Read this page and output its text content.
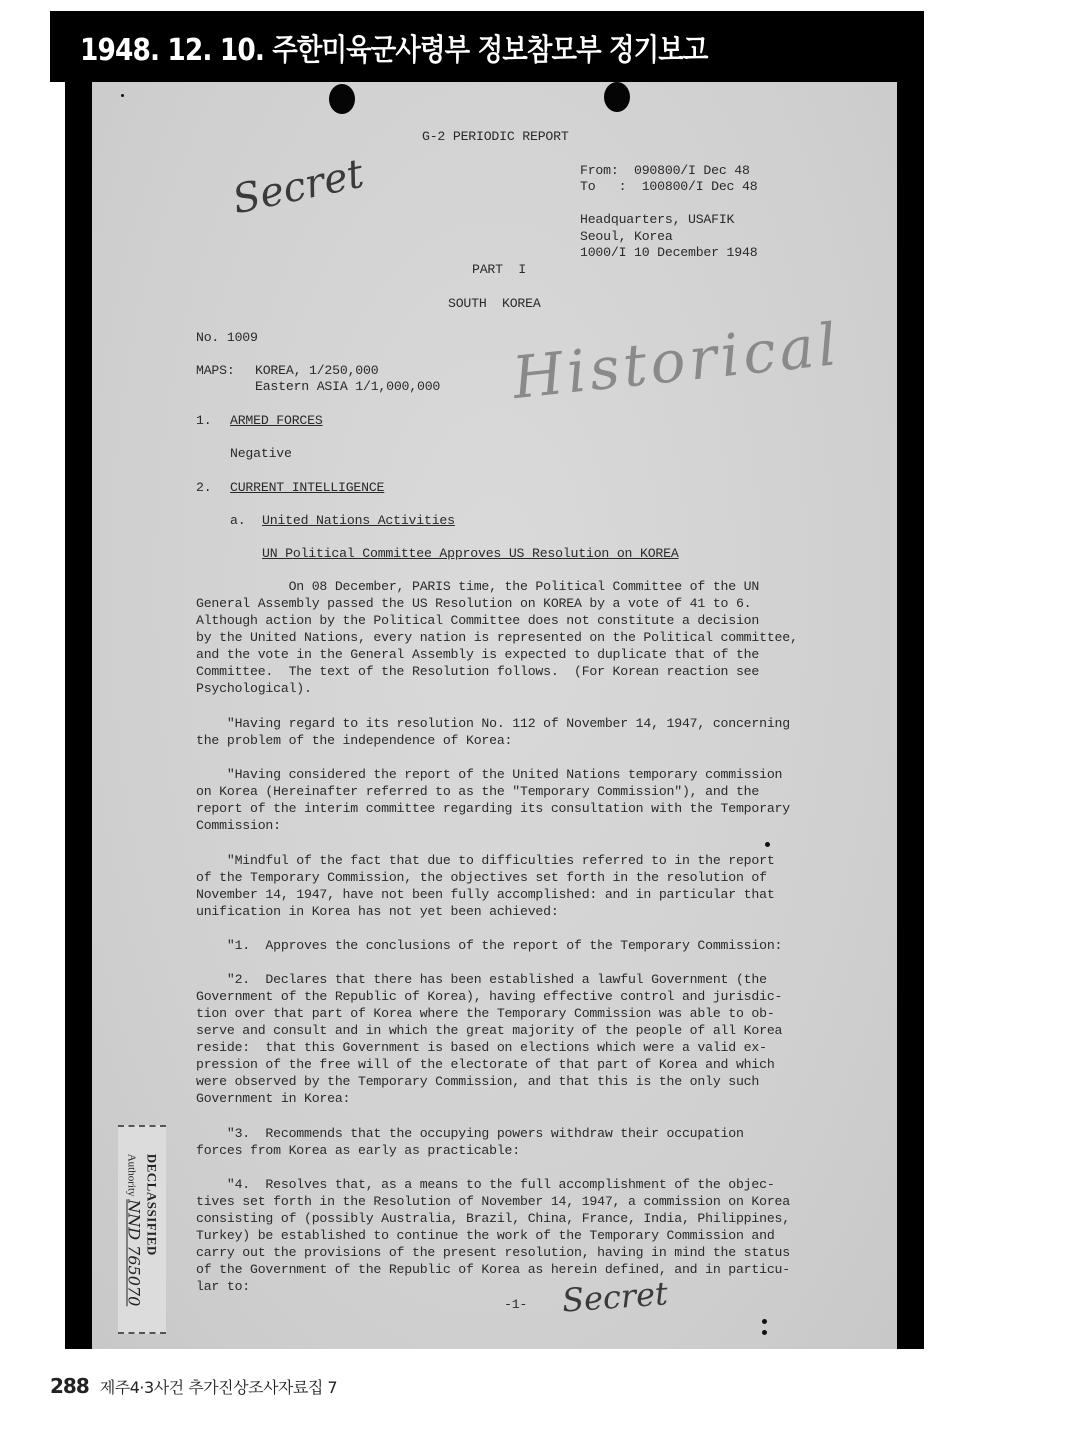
1948. 12. 10. 주한미육군사령부 정보참모부 정기보고
G-2 PERIODIC REPORT
Secret	From:  090800/I Dec 48
To   :  100800/I Dec 48
Headquarters, USAFIK
Seoul, Korea
1000/I 10 December 1948
PART  I
SOUTH  KOREA
No. 1009
MAPS: KOREA, 1/250,000
Eastern ASIA 1/1,000,000 Historical
1. ARMED FORCES
Negative
2. CURRENT INTELLIGENCE
a. United Nations Activities
UN Political Committee Approves US Resolution on KOREA
On 08 December, PARIS time, the Political Committee of the UN
General Assembly passed the US Resolution on KOREA by a vote of 41 to 6.
Although action by the Political Committee does not constitute a decision
by the United Nations, every nation is represented on the Political committee,
and the vote in the General Assembly is expected to duplicate that of the
Committee.  The text of the Resolution follows.  (For Korean reaction see
Psychological).
"Having regard to its resolution No. 112 of November 14, 1947, concerning
the problem of the independence of Korea:
"Having considered the report of the United Nations temporary commission
on Korea (Hereinafter referred to as the "Temporary Commission"), and the
report of the interim committee regarding its consultation with the Temporary
Commission:
"Mindful of the fact that due to difficulties referred to in the report
of the Temporary Commission, the objectives set forth in the resolution of
November 14, 1947, have not been fully accomplished: and in particular that
unification in Korea has not yet been achieved:
"1.  Approves the conclusions of the report of the Temporary Commission:
"2.  Declares that there has been established a lawful Government (the
Government of the Republic of Korea), having effective control and jurisdic-
tion over that part of Korea where the Temporary Commission was able to ob-
serve and consult and in which the great majority of the people of all Korea
reside:  that this Government is based on elections which were a valid ex-
pression of the free will of the electorate of that part of Korea and which
were observed by the Temporary Commission, and that this is the only such
Government in Korea:
"3.  Recommends that the occupying powers withdraw their occupation
forces from Korea as early as practicable:
"4.  Resolves that, as a means to the full accomplishment of the objec-
tives set forth in the Resolution of November 14, 1947, a commission on Korea
consisting of (possibly Australia, Brazil, China, France, India, Philippines,
Turkey) be established to continue the work of the Temporary Commission and
carry out the provisions of the present resolution, having in mind the status
of the Government of the Republic of Korea as herein defined, and in particu-
lar to:
-1- Secret
DECLASSIFIED
Authority NND 765070
288 제주4·3사건 추가진상조사자료집 7
